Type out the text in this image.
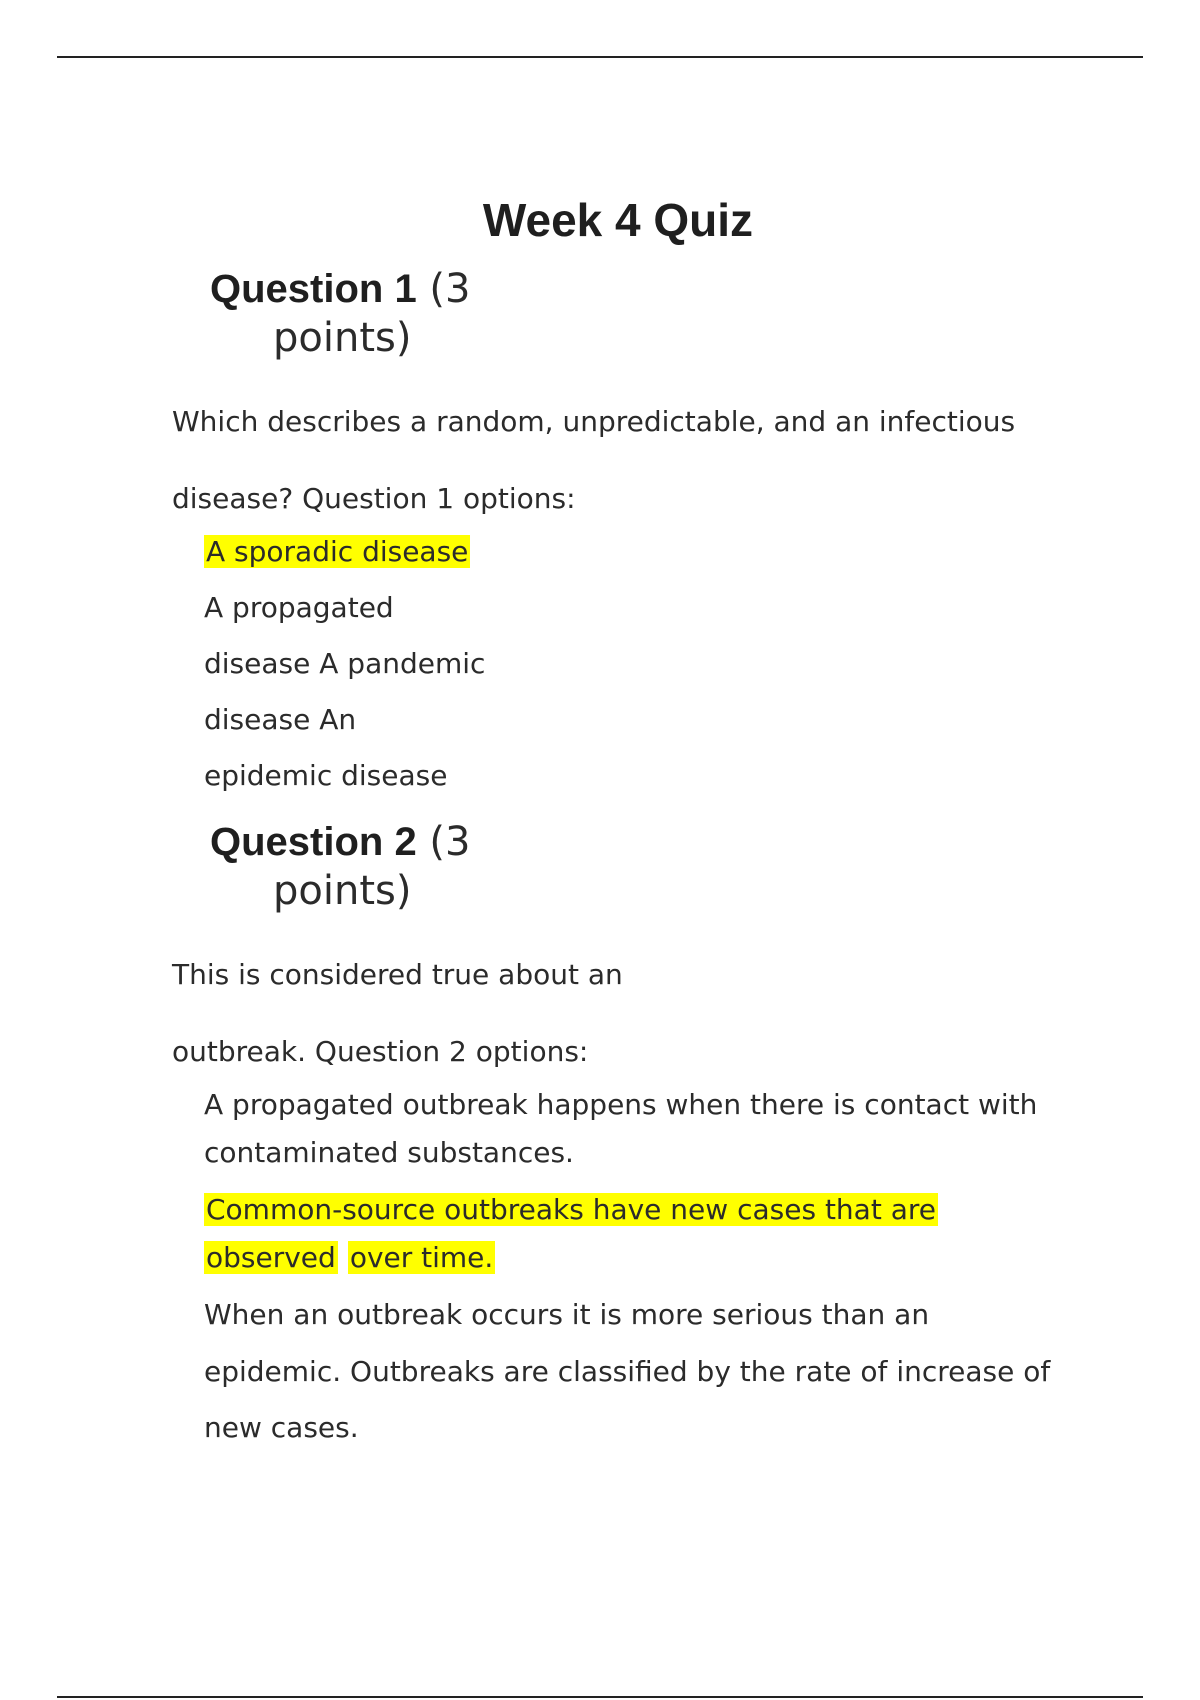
Week 4 Quiz
Question 1 (3
points)
Which describes a random, unpredictable, and an infectious
disease? Question 1 options:
A sporadic disease
A propagated
disease A pandemic
disease An
epidemic disease
Question 2 (3
points)
This is considered true about an
outbreak. Question 2 options:
A propagated outbreak happens when there is contact with
contaminated substances.
Common-source outbreaks have new cases that are
observed over time.
When an outbreak occurs it is more serious than an
epidemic. Outbreaks are classified by the rate of increase of
new cases.
